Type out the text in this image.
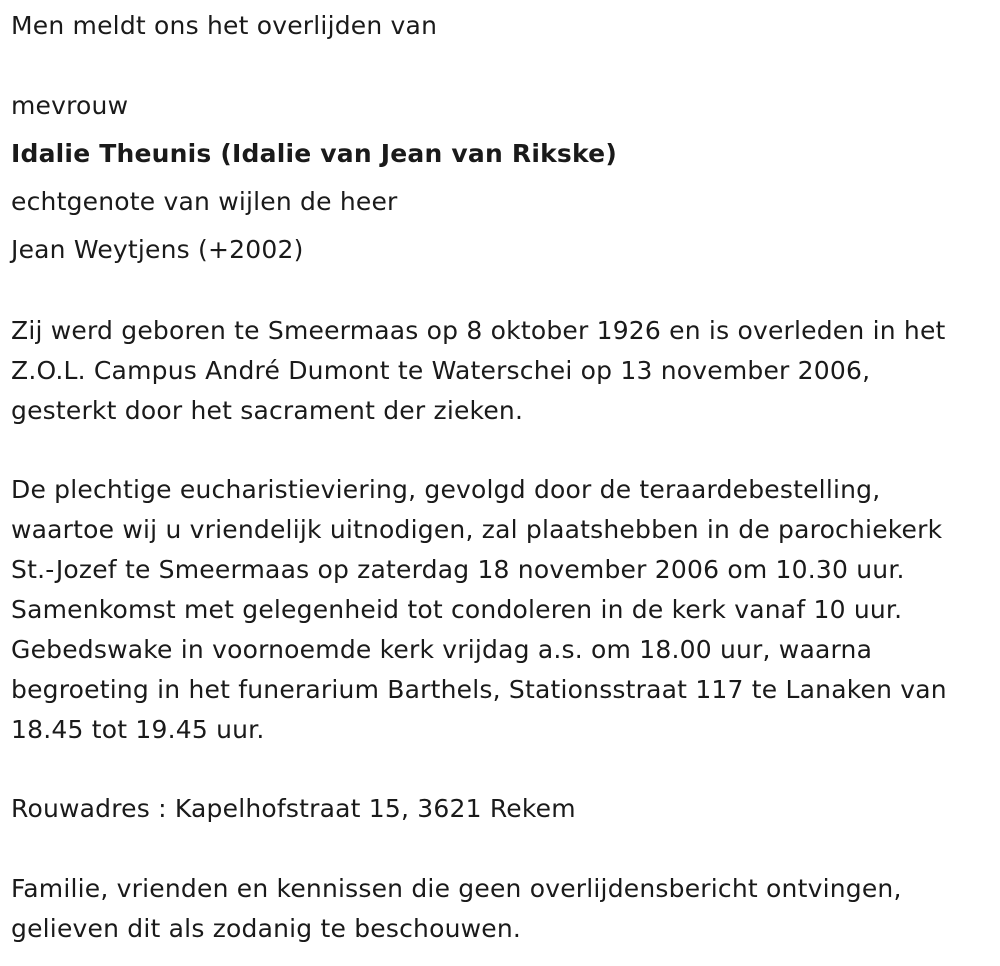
Men meldt ons het overlijden van
mevrouw
Idalie Theunis (Idalie van Jean van Rikske)
echtgenote van wijlen de heer
Jean Weytjens (+2002)
Zij werd geboren te Smeermaas op 8 oktober 1926 en is overleden in het
Z.O.L. Campus André Dumont te Waterschei op 13 november 2006,
gesterkt door het sacrament der zieken.
De plechtige eucharistieviering, gevolgd door de teraardebestelling,
waartoe wij u vriendelijk uitnodigen, zal plaatshebben in de parochiekerk
St.-Jozef te Smeermaas op zaterdag 18 november 2006 om 10.30 uur.
Samenkomst met gelegenheid tot condoleren in de kerk vanaf 10 uur.
Gebedswake in voornoemde kerk vrijdag a.s. om 18.00 uur, waarna
begroeting in het funerarium Barthels, Stationsstraat 117 te Lanaken van
18.45 tot 19.45 uur.
Rouwadres : Kapelhofstraat 15, 3621 Rekem
Familie, vrienden en kennissen die geen overlijdensbericht ontvingen,
gelieven dit als zodanig te beschouwen.
